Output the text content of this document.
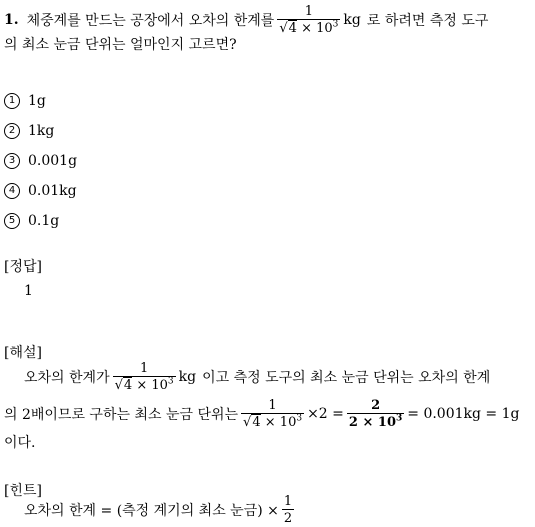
1. 체중계를 만드는 공장에서 오차의 한계를 $\frac{1}{√4 \times 10^3}$ kg 로 하려면 측정 도구
의 최소 눈금 단위는 얼마인지 고르면?
1 1g
2 1kg
3 0.001g
4 0.01kg
5 0.1g
[정답]
1
[해설]
오차의 한계가 $\frac{1}{√4 \times 10^3}$ kg 이고 측정 도구의 최소 눈금 단위는 오차의 한계
의 2배이므로 구하는 최소 눈금 단위는 $\frac{1}{√4 \times 10^3} \times 2 = \frac{2}{2 \times 10^3} = 0.001kg = 1g$
이다.
[힌트]
오차의 한계 = (측정 계기의 최소 눈금) × $\frac{1}{2}$
